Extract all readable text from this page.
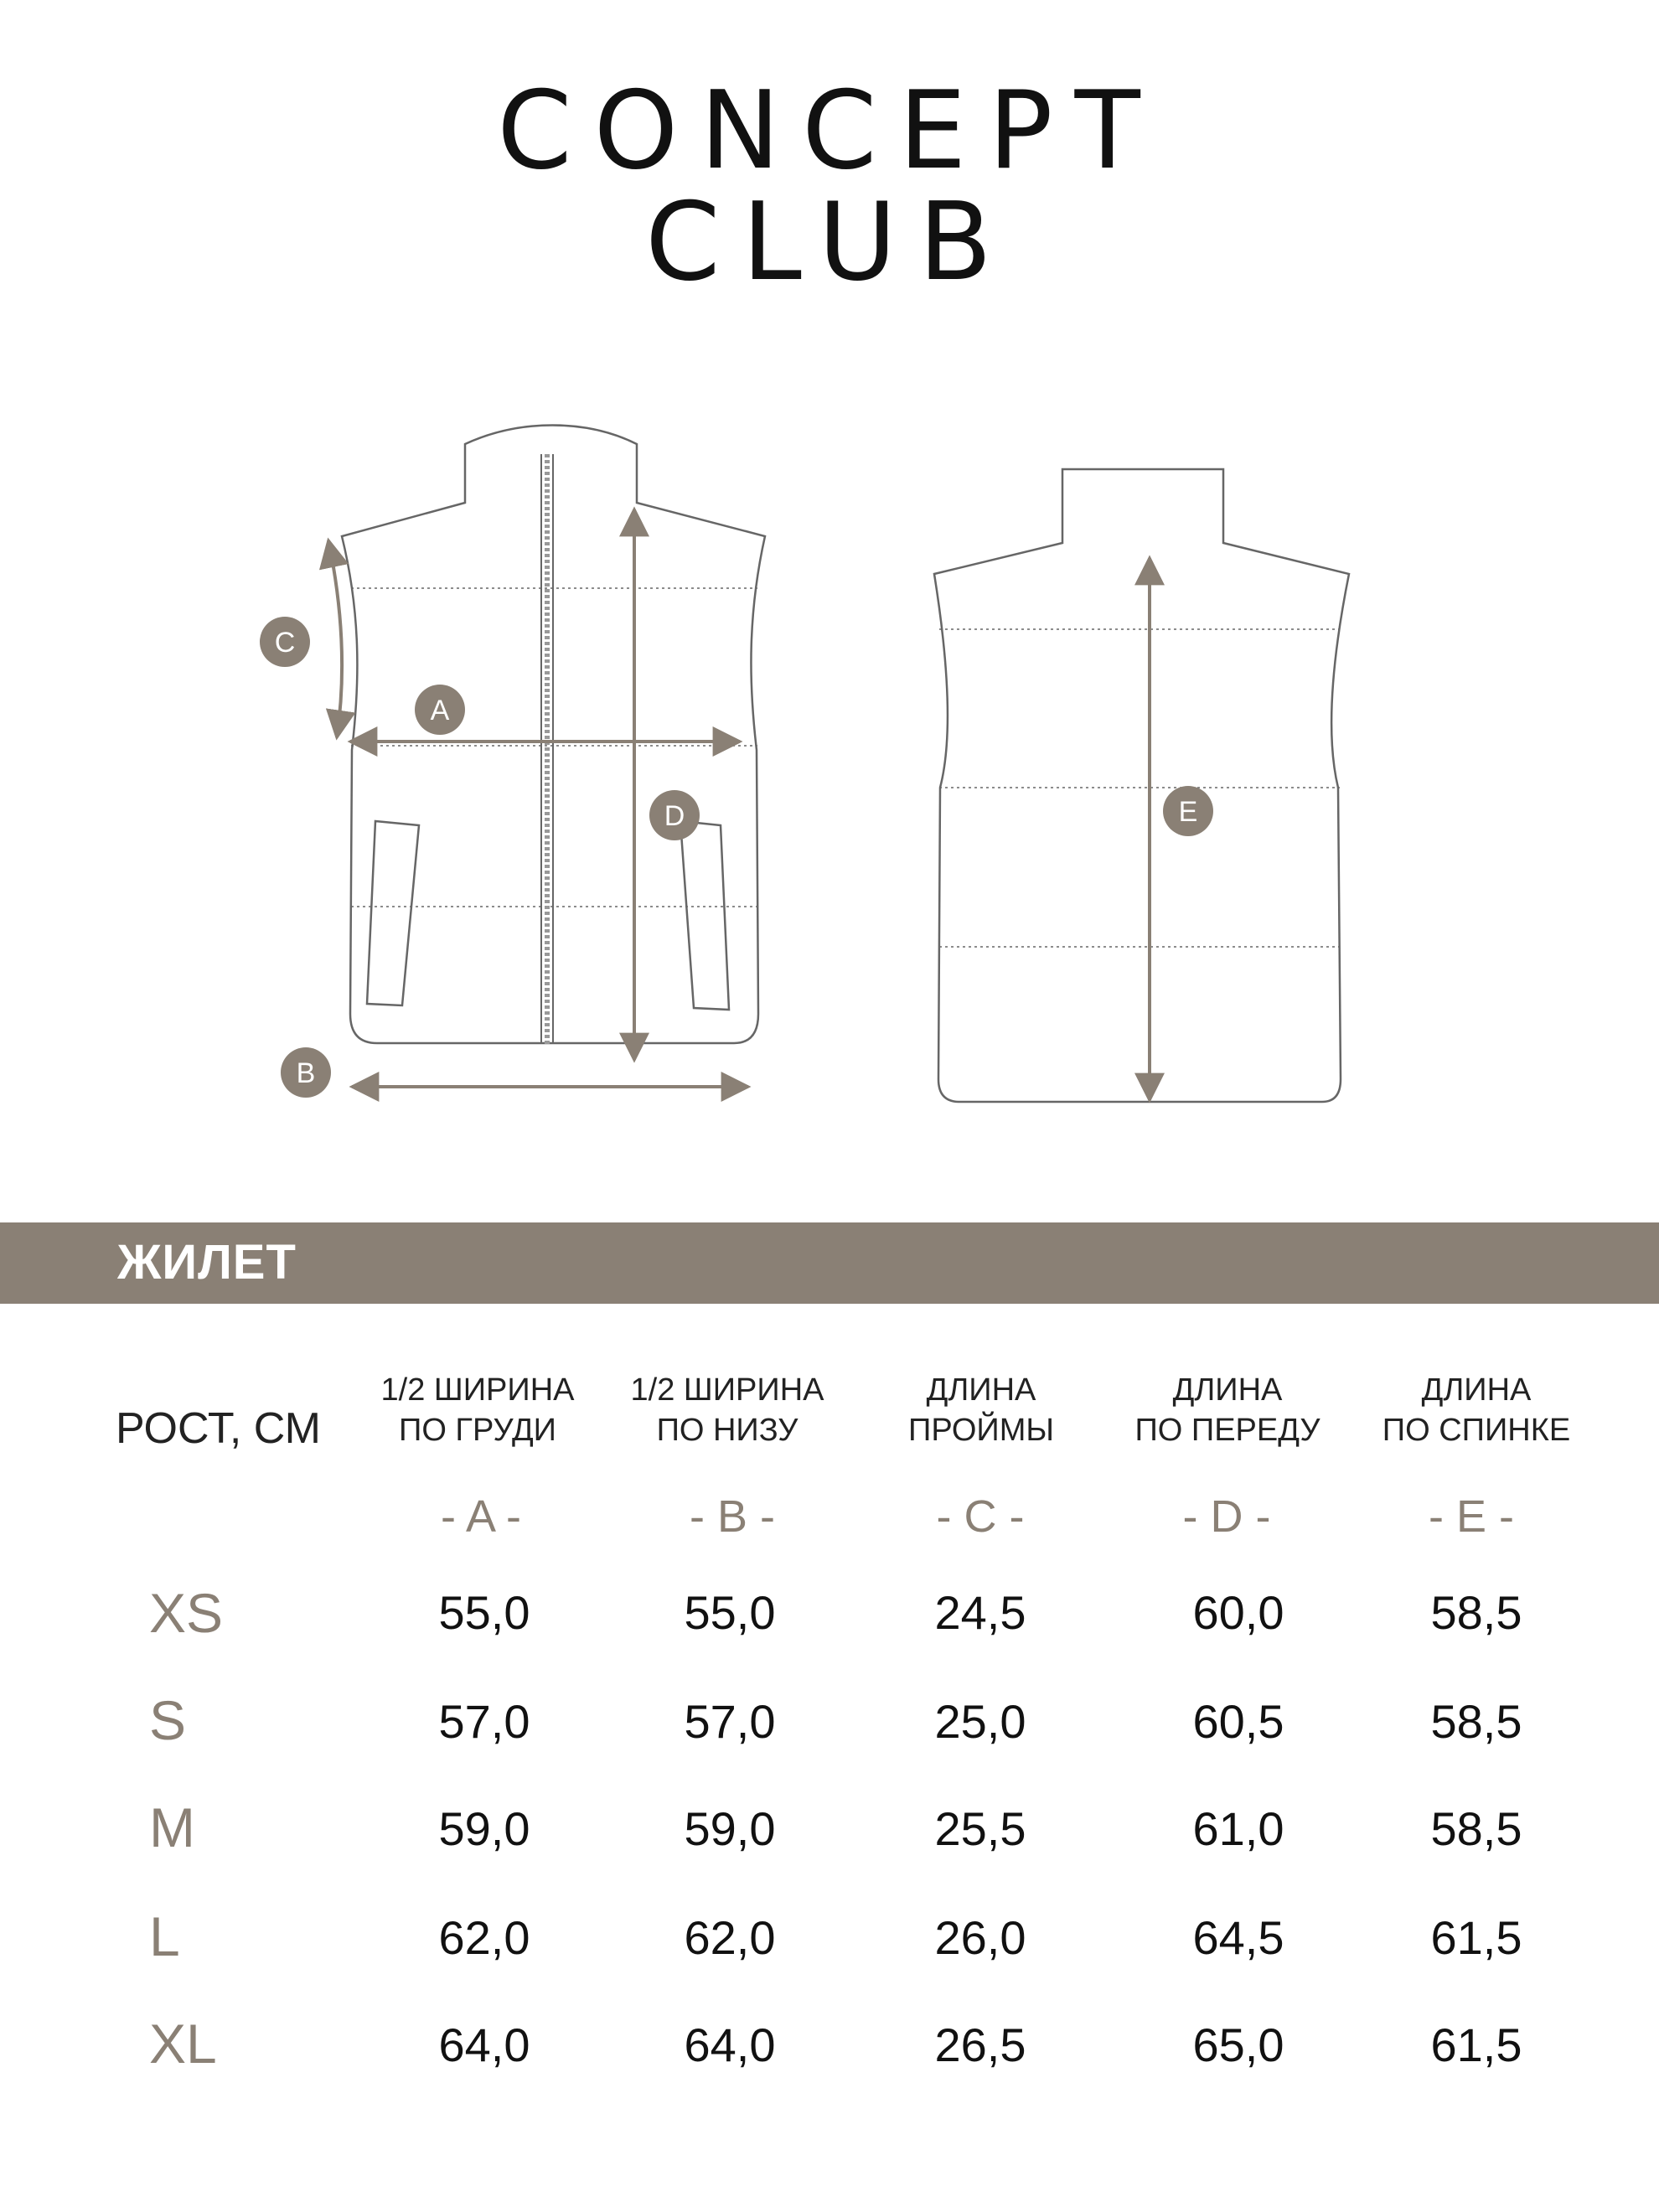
CONCEPT
CLUB
C
A
D
B
E
ЖИЛЕТ
РОСТ, СМ
1/2 ШИРИНА
ПО ГРУДИ
1/2 ШИРИНА
ПО НИЗУ
ДЛИНА
ПРОЙМЫ
ДЛИНА
ПО ПЕРЕДУ
ДЛИНА
ПО СПИНКЕ
- A -	- B -	- C -	- D -	- E -
XS	55,0	55,0	24,5	60,0	58,5
S	57,0	57,0	25,0	60,5	58,5
M	59,0	59,0	25,5	61,0	58,5
L	62,0	62,0	26,0	64,5	61,5
XL	64,0	64,0	26,5	65,0	61,5
